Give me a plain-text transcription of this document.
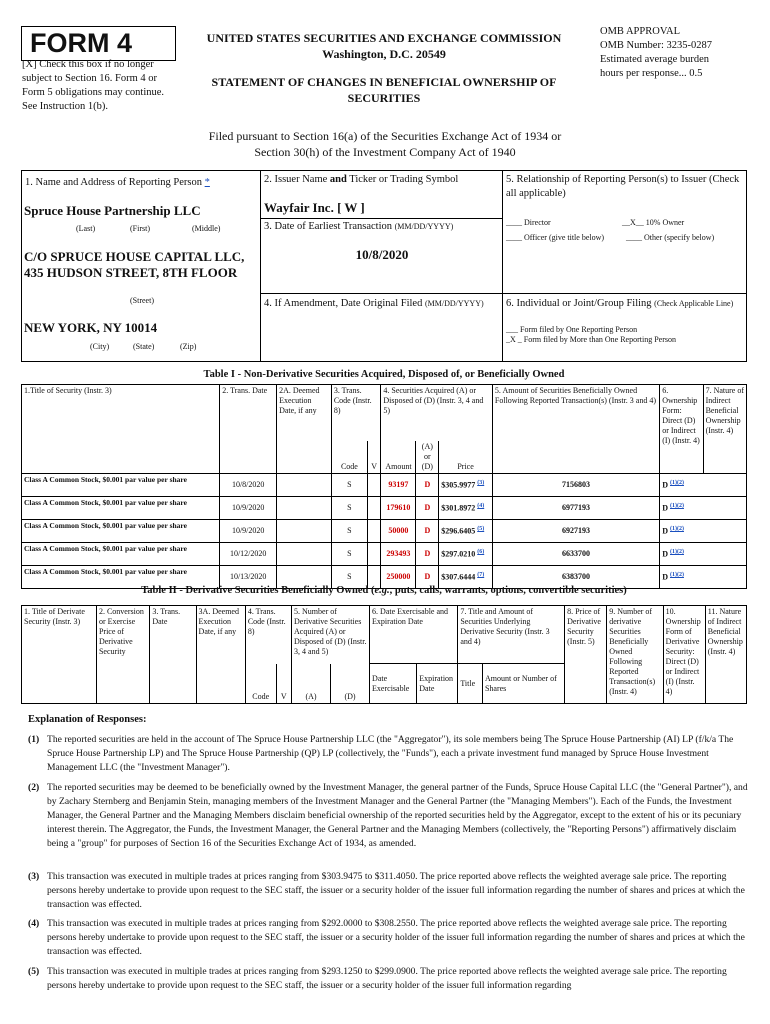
FORM 4
[X] Check this box if no longer subject to Section 16. Form 4 or Form 5 obligations may continue. See Instruction 1(b).
UNITED STATES SECURITIES AND EXCHANGE COMMISSION
Washington, D.C. 20549
STATEMENT OF CHANGES IN BENEFICIAL OWNERSHIP OF SECURITIES
OMB APPROVAL
OMB Number: 3235-0287
Estimated average burden
hours per response... 0.5
Filed pursuant to Section 16(a) of the Securities Exchange Act of 1934 or
Section 30(h) of the Investment Company Act of 1940
1. Name and Address of Reporting Person *
Spruce House Partnership LLC
(Last)	(First)	(Middle)
C/O SPRUCE HOUSE CAPITAL LLC, 435 HUDSON STREET, 8TH FLOOR
(Street)
NEW YORK, NY 10014
(City)	(State)	(Zip)
2. Issuer Name and Ticker or Trading Symbol
Wayfair Inc. [ W ]
3. Date of Earliest Transaction (MM/DD/YYYY)
10/8/2020
4. If Amendment, Date Original Filed (MM/DD/YYYY)
5. Relationship of Reporting Person(s) to Issuer (Check all applicable)
____ Director	__X__ 10% Owner
____ Officer (give title below)	____ Other (specify below)
6. Individual or Joint/Group Filing (Check Applicable Line)
___ Form filed by One Reporting Person
_X _ Form filed by More than One Reporting Person
Table I - Non-Derivative Securities Acquired, Disposed of, or Beneficially Owned
1.Title of Security (Instr. 3)	2. Trans. Date	2A. Deemed Execution Date, if any	3. Trans. Code (Instr. 8)		4. Securities Acquired (A) or Disposed of (D) (Instr. 3, 4 and 5)			5. Amount of Securities Beneficially Owned Following Reported Transaction(s) (Instr. 3 and 4)	6. Ownership Form: Direct (D) or Indirect (I) (Instr. 4)	7. Nature of Indirect Beneficial Ownership (Instr. 4)
			Code	V	Amount	(A) or (D)	Price			
Class A Common Stock, $0.001 par value per share	10/8/2020		S		93197	D	$305.9977 $^{(3)}$	7156803	D $^{(1)(2)}$
Class A Common Stock, $0.001 par value per share	10/9/2020		S		179610	D	$301.8972 $^{(4)}$	6977193	D $^{(1)(2)}$
Class A Common Stock, $0.001 par value per share	10/9/2020		S		50000	D	$296.6405 $^{(5)}$	6927193	D $^{(1)(2)}$
Class A Common Stock, $0.001 par value per share	10/12/2020		S		293493	D	$297.0210 $^{(6)}$	6633700	D $^{(1)(2)}$
Class A Common Stock, $0.001 par value per share	10/13/2020		S		250000	D	$307.6444 $^{(7)}$	6383700	D $^{(1)(2)}$
Table II - Derivative Securities Beneficially Owned (e.g., puts, calls, warrants, options, convertible securities)
1. Title of Derivate Security (Instr. 3)	2. Conversion or Exercise Price of Derivative Security	3. Trans. Date	3A. Deemed Execution Date, if any	4. Trans. Code (Instr. 8)		5. Number of Derivative Securities Acquired (A) or Disposed of (D) (Instr. 3, 4 and 5)		6. Date Exercisable and Expiration Date		7. Title and Amount of Securities Underlying Derivative Security (Instr. 3 and 4)		8. Price of Derivative Security (Instr. 5)	9. Number of derivative Securities Beneficially Owned Following Reported Transaction(s) (Instr. 4)	10. Ownership Form of Derivative Security: Direct (D) or Indirect (I) (Instr. 4)	11. Nature of Indirect Beneficial Ownership (Instr. 4)
				Code	V	(A)	(D)	Date Exercisable	Expiration Date	Title	Amount or Number of Shares				
Explanation of Responses:
(1) The reported securities are held in the account of The Spruce House Partnership LLC (the "Aggregator"), its sole members being The Spruce House Partnership (AI) LP (f/k/a The Spruce House Partnership LP) and The Spruce House Partnership (QP) LP (collectively, the "Funds"), each a private investment fund managed by Spruce House Investment Management LLC (the "Investment Manager").
(2) The reported securities may be deemed to be beneficially owned by the Investment Manager, the general partner of the Funds, Spruce House Capital LLC (the "General Partner"), and by Zachary Sternberg and Benjamin Stein, managing members of the Investment Manager and the General Partner (the "Managing Members"). Each of the Funds, the Investment Manager, the General Partner and the Managing Members disclaim beneficial ownership of the reported securities held by the Aggregator, except to the extent of his or its pecuniary interest therein. The Aggregator, the Funds, the Investment Manager, the General Partner and the Managing Members (collectively, the "Reporting Persons") affirmatively disclaim being a "group" for purposes of Section 16 of the Securities Exchange Act of 1934, as amended.
(3) This transaction was executed in multiple trades at prices ranging from $303.9475 to $311.4050. The price reported above reflects the weighted average sale price. The reporting persons hereby undertake to provide upon request to the SEC staff, the issuer or a security holder of the issuer full information regarding the number of shares and prices at which the transaction was effected.
(4) This transaction was executed in multiple trades at prices ranging from $292.0000 to $308.2550. The price reported above reflects the weighted average sale price. The reporting persons hereby undertake to provide upon request to the SEC staff, the issuer or a security holder of the issuer full information regarding the number of shares and prices at which the transaction was effected.
(5) This transaction was executed in multiple trades at prices ranging from $293.1250 to $299.0900. The price reported above reflects the weighted average sale price. The reporting persons hereby undertake to provide upon request to the SEC staff, the issuer or a security holder of the issuer full information regarding
